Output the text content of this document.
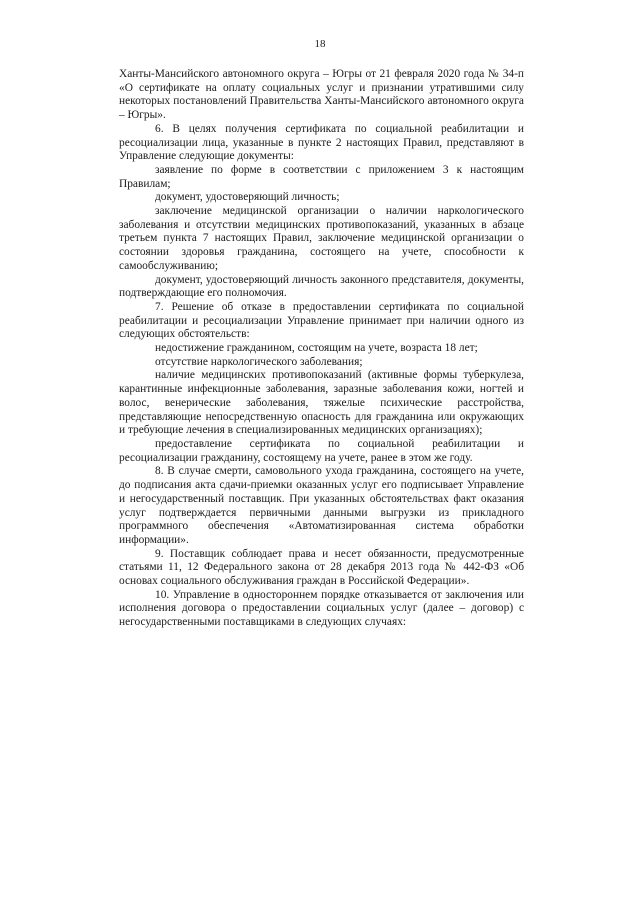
18

Ханты-Мансийского автономного округа – Югры от 21 февраля 2020 года № 34-п «О сертификате на оплату социальных услуг и признании утратившими силу некоторых постановлений Правительства Ханты-Мансийского автономного округа – Югры».

6. В целях получения сертификата по социальной реабилитации и ресоциализации лица, указанные в пункте 2 настоящих Правил, представляют в Управление следующие документы:

заявление по форме в соответствии с приложением 3 к настоящим Правилам;

документ, удостоверяющий личность;

заключение медицинской организации о наличии наркологического заболевания и отсутствии медицинских противопоказаний, указанных в абзаце третьем пункта 7 настоящих Правил, заключение медицинской организации о состоянии здоровья гражданина, состоящего на учете, способности к самообслуживанию;

документ, удостоверяющий личность законного представителя, документы, подтверждающие его полномочия.

7. Решение об отказе в предоставлении сертификата по социальной реабилитации и ресоциализации Управление принимает при наличии одного из следующих обстоятельств:

недостижение гражданином, состоящим на учете, возраста 18 лет;

отсутствие наркологического заболевания;

наличие медицинских противопоказаний (активные формы туберкулеза, карантинные инфекционные заболевания, заразные заболевания кожи, ногтей и волос, венерические заболевания, тяжелые психические расстройства, представляющие непосредственную опасность для гражданина или окружающих и требующие лечения в специализированных медицинских организациях);

предоставление сертификата по социальной реабилитации и ресоциализации гражданину, состоящему на учете, ранее в этом же году.

8. В случае смерти, самовольного ухода гражданина, состоящего на учете, до подписания акта сдачи-приемки оказанных услуг его подписывает Управление и негосударственный поставщик. При указанных обстоятельствах факт оказания услуг подтверждается первичными данными выгрузки из прикладного программного обеспечения «Автоматизированная система обработки информации».

9. Поставщик соблюдает права и несет обязанности, предусмотренные статьями 11, 12 Федерального закона от 28 декабря 2013 года № 442-ФЗ «Об основах социального обслуживания граждан в Российской Федерации».

10. Управление в одностороннем порядке отказывается от заключения или исполнения договора о предоставлении социальных услуг (далее – договор) с негосударственными поставщиками в следующих случаях:
